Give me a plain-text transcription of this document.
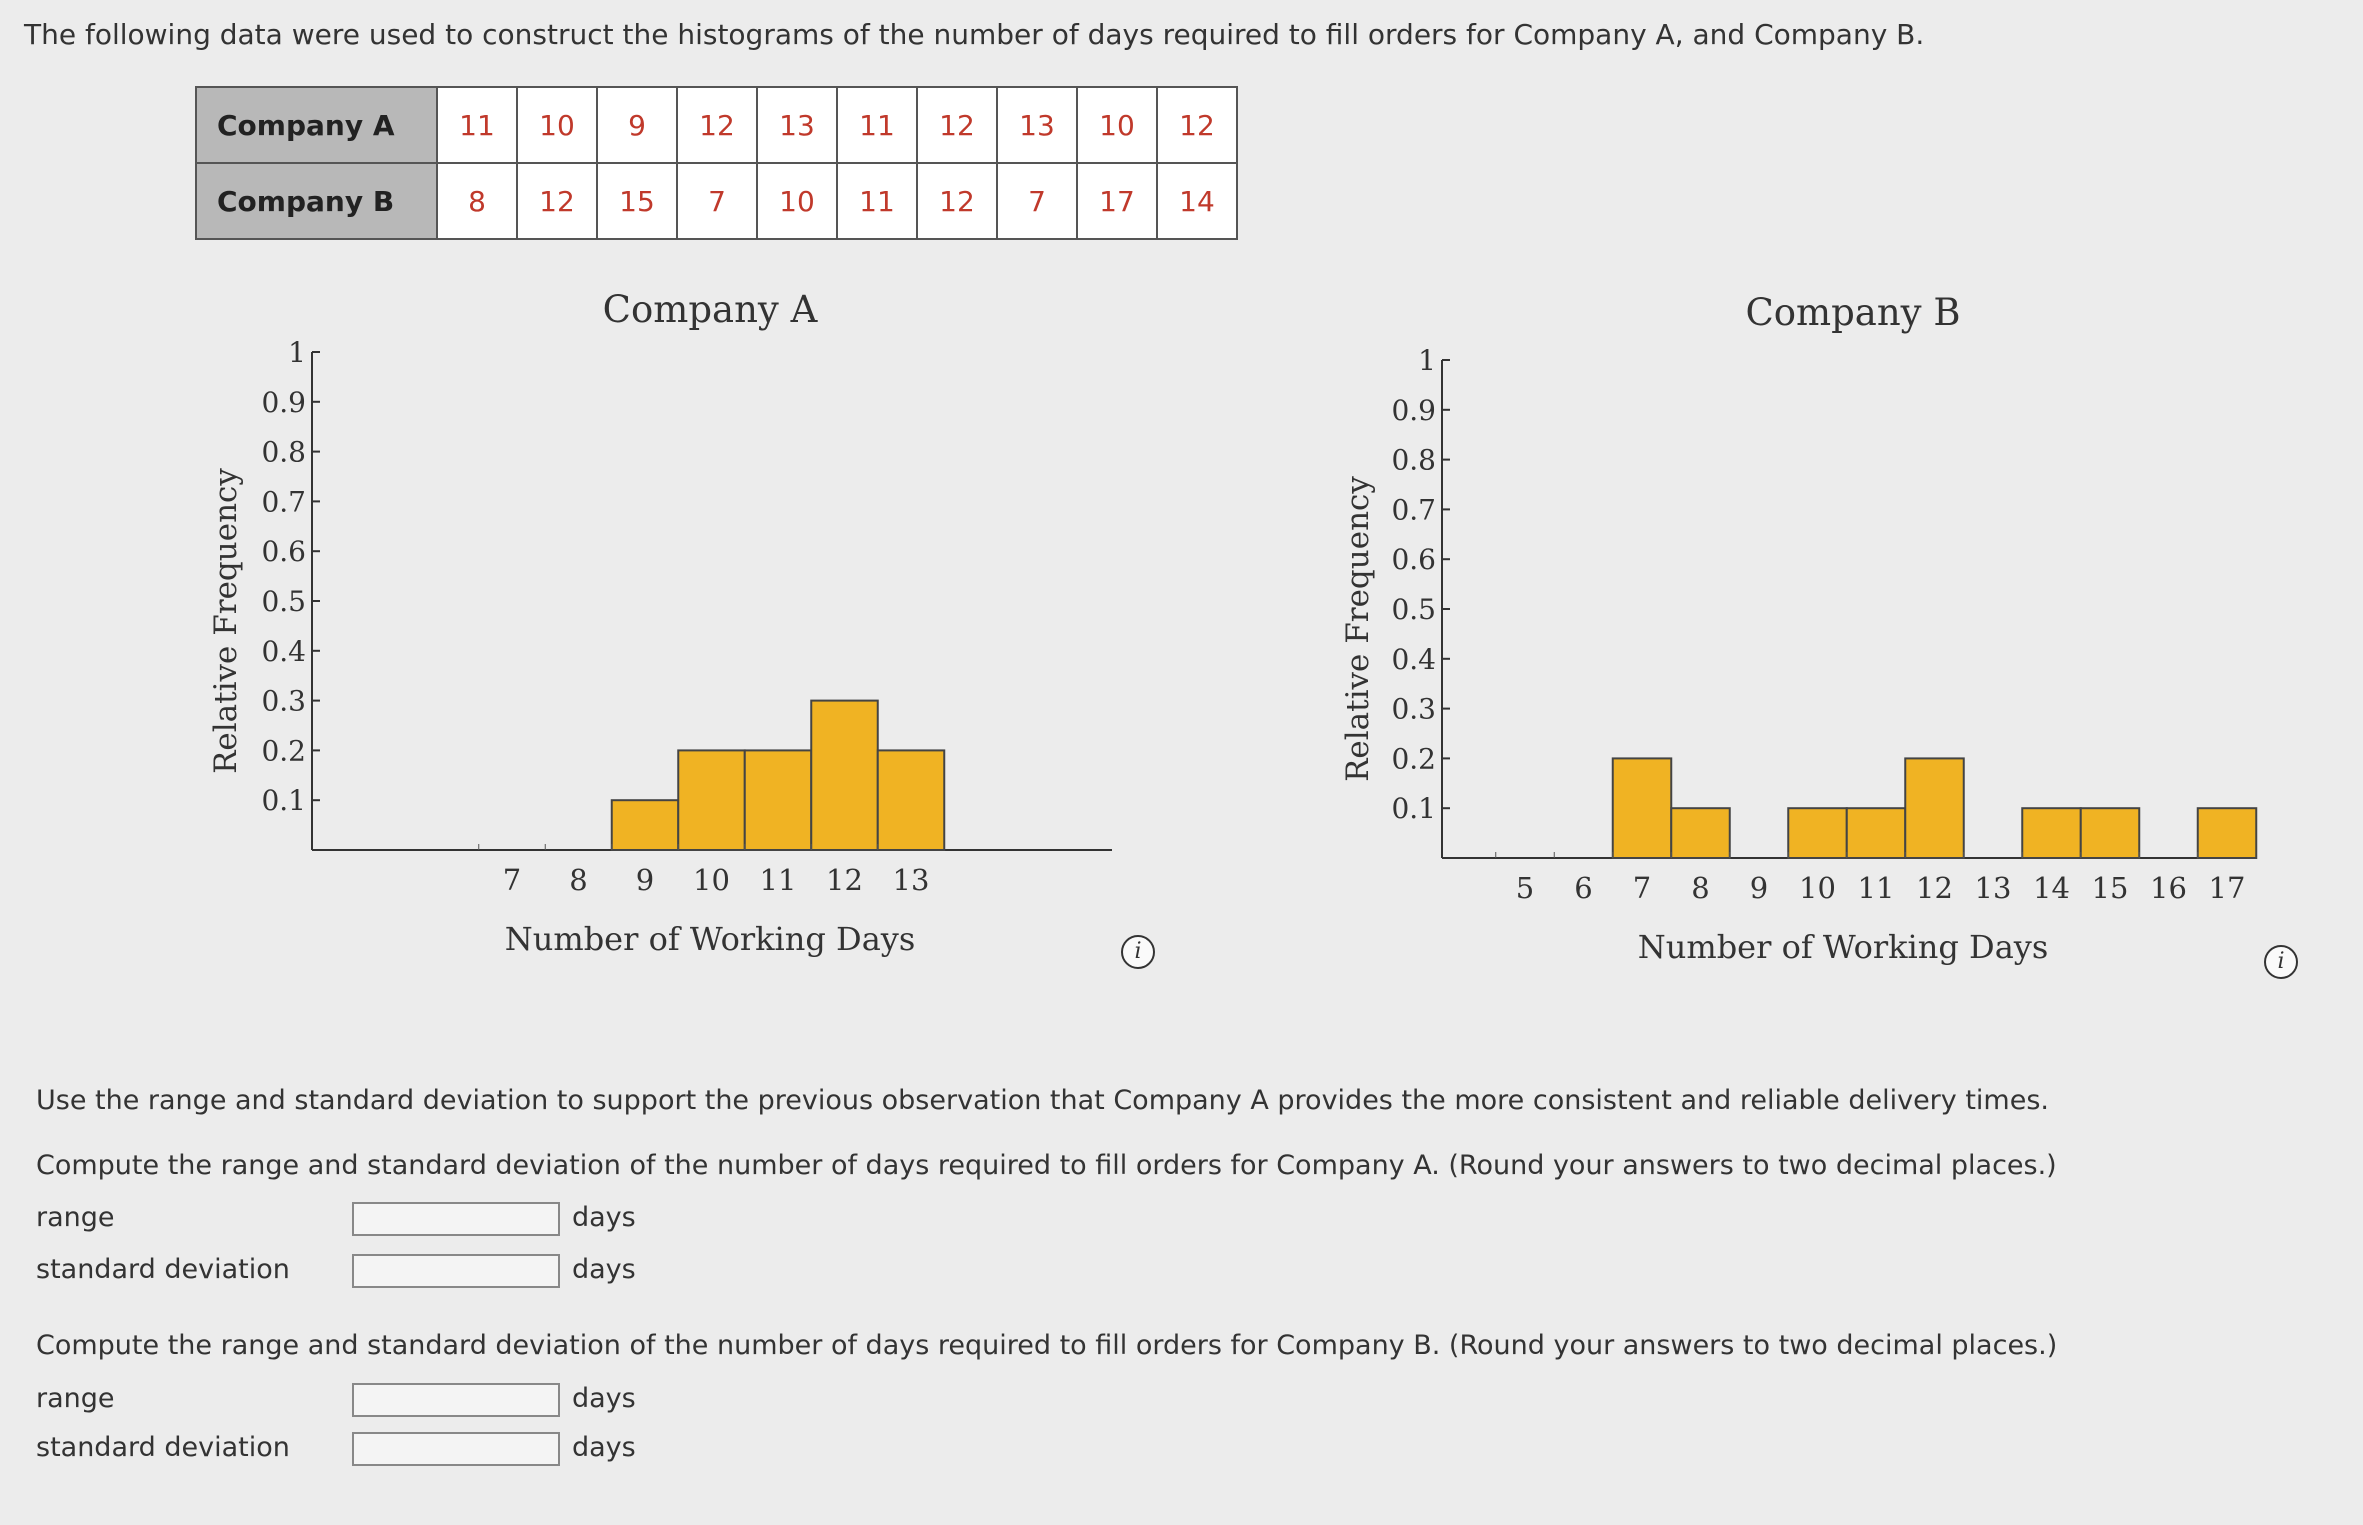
The following data were used to construct the histograms of the number of days required to fill orders for Company A, and Company B.
Company A	11	10	9	12	13	11	12	13	10	12
Company B	8	12	15	7	10	11	12	7	17	14
0.1
0.2
0.3
0.4
0.5
0.6
0.7
0.8
0.9
1
7 8 9 10 11 12 13
Company A
Number of Working Days
Relative Frequency
0.1
0.2
0.3
0.4
0.5
0.6
0.7
0.8
0.9
1
5 6 7 8 9 10 11 12 13 14 15 16 17
Company B
Number of Working Days
Relative Frequency
i	i
Use the range and standard deviation to support the previous observation that Company A provides the more consistent and reliable delivery times.
Compute the range and standard deviation of the number of days required to fill orders for Company A. (Round your answers to two decimal places.)
range	days
standard deviation	days
Compute the range and standard deviation of the number of days required to fill orders for Company B. (Round your answers to two decimal places.)
range	days
standard deviation	days
